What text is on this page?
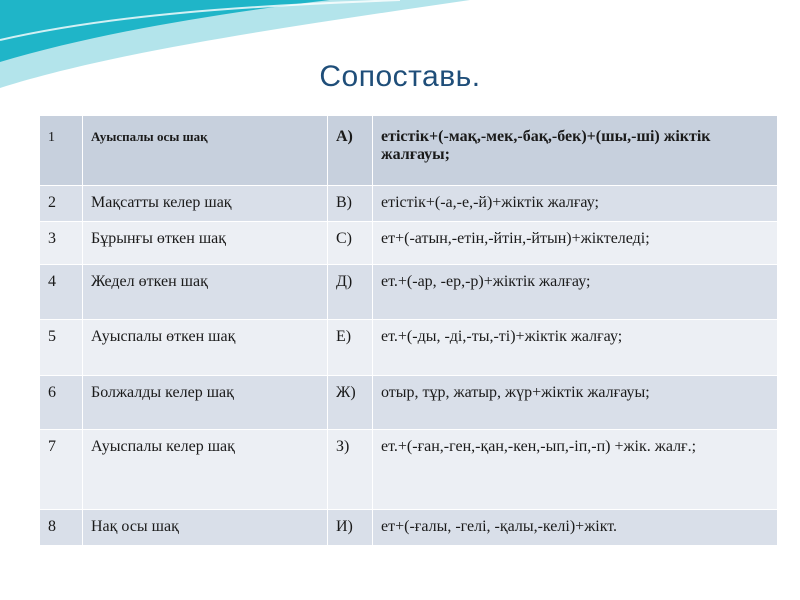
Сопоставь.
1	Ауыспалы осы шақ	А)	етістік+(-мақ,-мек,-бақ,-бек)+(шы,-ші) жіктік жалғауы;
2	Мақсатты келер шақ	В)	етістік+(-а,-е,-й)+жіктік жалғау;
3	Бұрынғы өткен шақ	С)	ет+(-атын,-етін,-йтін,-йтын)+жіктеледі;
4	Жедел өткен шақ	Д)	ет.+(-ар, -ер,-р)+жіктік жалғау;
5	Ауыспалы өткен шақ	Е)	ет.+(-ды, -ді,-ты,-ті)+жіктік жалғау;
6	Болжалды келер шақ	Ж)	отыр, тұр, жатыр, жүр+жіктік жалғауы;
7	Ауыспалы келер шақ	З)	ет.+(-ған,-ген,-қан,-кен,-ып,-іп,-п) +жік. жалғ.;
8	Нақ осы шақ	И)	ет+(-ғалы, -гелі, -қалы,-келі)+жікт.
